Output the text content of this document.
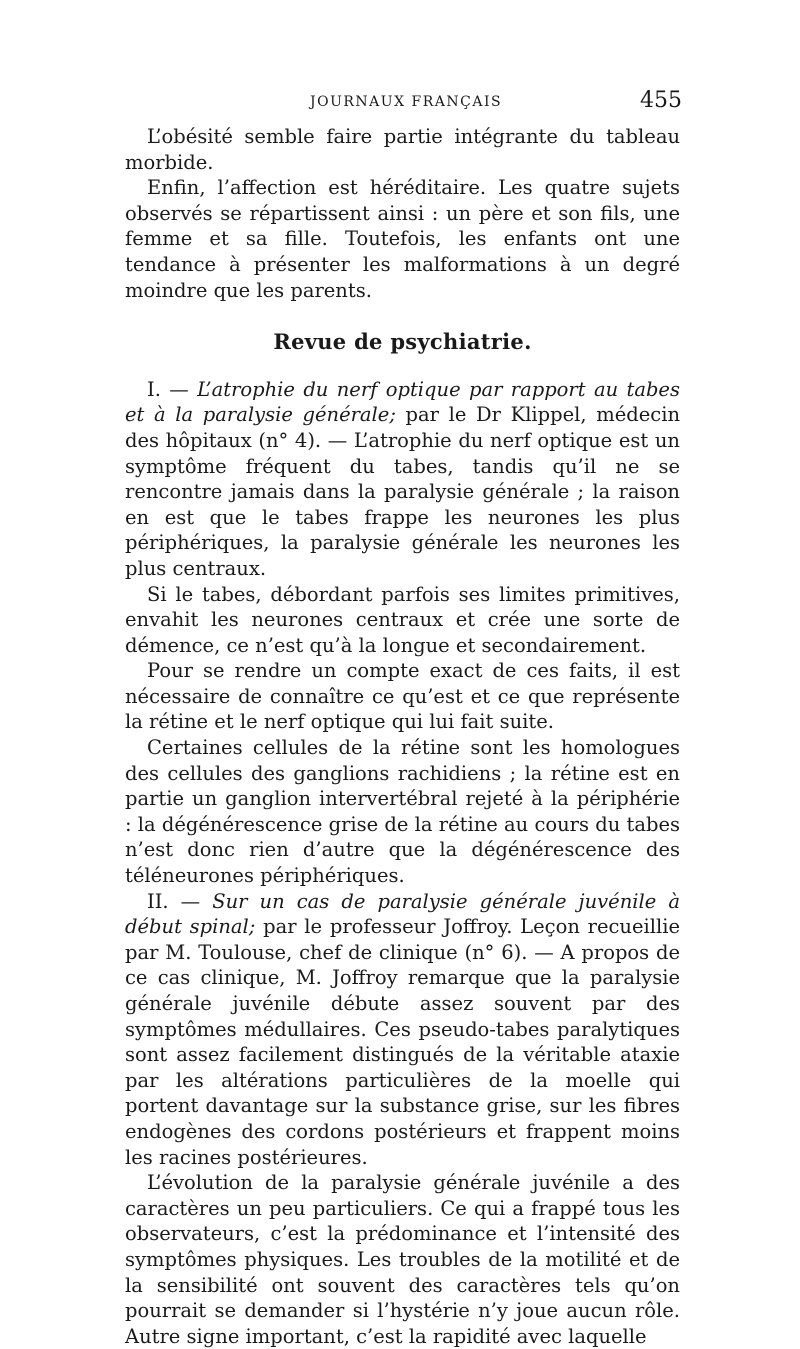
JOURNAUX FRANÇAIS	455

L’obésité semble faire partie intégrante du tableau morbide.

Enfin, l’affection est héréditaire. Les quatre sujets observés se répartissent ainsi : un père et son fils, une femme et sa fille. Toutefois, les enfants ont une tendance à présenter les malformations à un degré moindre que les parents.

Revue de psychiatrie.

I. — L’atrophie du nerf optique par rapport au tabes et à la paralysie générale; par le Dr Klippel, médecin des hôpitaux (n° 4). — L’atrophie du nerf optique est un symptôme fréquent du tabes, tandis qu’il ne se rencontre jamais dans la paralysie générale ; la raison en est que le tabes frappe les neurones les plus périphériques, la paralysie générale les neurones les plus centraux.

Si le tabes, débordant parfois ses limites primitives, envahit les neurones centraux et crée une sorte de démence, ce n’est qu’à la longue et secondairement.

Pour se rendre un compte exact de ces faits, il est nécessaire de connaître ce qu’est et ce que représente la rétine et le nerf optique qui lui fait suite.

Certaines cellules de la rétine sont les homologues des cellules des ganglions rachidiens ; la rétine est en partie un ganglion intervertébral rejeté à la périphérie : la dégénérescence grise de la rétine au cours du tabes n’est donc rien d’autre que la dégénérescence des téléneurones périphériques.

II. — Sur un cas de paralysie générale juvénile à début spinal; par le professeur Joffroy. Leçon recueillie par M. Toulouse, chef de clinique (n° 6). — A propos de ce cas clinique, M. Joffroy remarque que la paralysie générale juvénile débute assez souvent par des symptômes médullaires. Ces pseudo-tabes paralytiques sont assez facilement distingués de la véritable ataxie par les altérations particulières de la moelle qui portent davantage sur la substance grise, sur les fibres endogènes des cordons postérieurs et frappent moins les racines postérieures.

L’évolution de la paralysie générale juvénile a des caractères un peu particuliers. Ce qui a frappé tous les observateurs, c’est la prédominance et l’intensité des symptômes physiques. Les troubles de la motilité et de la sensibilité ont souvent des caractères tels qu’on pourrait se demander si l’hystérie n’y joue aucun rôle. Autre signe important, c’est la rapidité avec laquelle
